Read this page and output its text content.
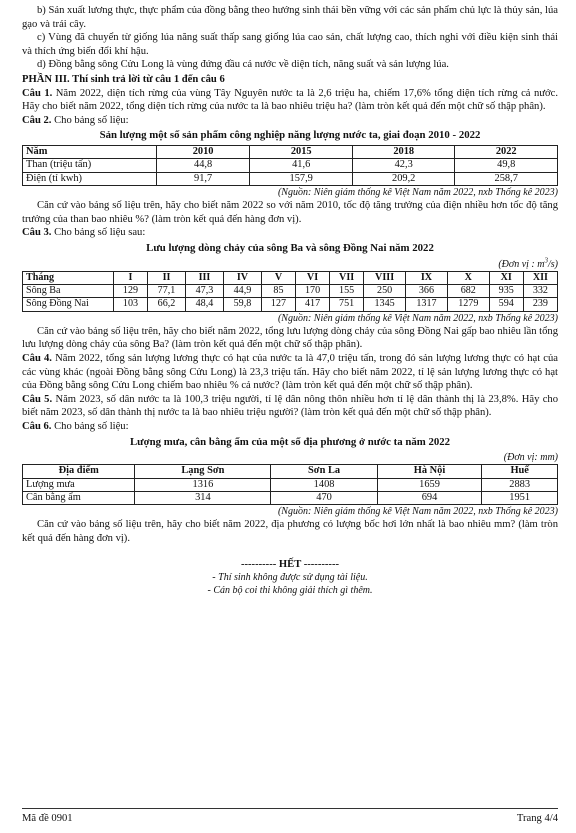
b) Sản xuất lương thực, thực phẩm của đồng bằng theo hướng sinh thái bền vững với các sản phẩm chủ lực là thủy sản, lúa gạo và trái cây.

c) Vùng đã chuyển từ giống lúa năng suất thấp sang giống lúa cao sản, chất lượng cao, thích nghi với điều kiện sinh thái và thích ứng biến đổi khí hậu.

d) Đồng bằng sông Cửu Long là vùng đứng đầu cả nước về diện tích, năng suất và sản lượng lúa.

PHẦN III. Thí sinh trả lời từ câu 1 đến câu 6

Câu 1. Năm 2022, diện tích rừng của vùng Tây Nguyên nước ta là 2,6 triệu ha, chiếm 17,6% tổng diện tích rừng cả nước. Hãy cho biết năm 2022, tổng diện tích rừng của nước ta là bao nhiêu triệu ha? (làm tròn kết quả đến một chữ số thập phân).

Câu 2. Cho bảng số liệu:

Sản lượng một số sản phẩm công nghiệp năng lượng nước ta, giai đoạn 2010 - 2022
Năm	2010	2015	2018	2022
Than (triệu tấn)	44,8	41,6	42,3	49,8
Điện (tỉ kwh)	91,7	157,9	209,2	258,7
(Nguồn: Niên giám thống kê Việt Nam năm 2022, nxb Thống kê 2023)

Căn cứ vào bảng số liệu trên, hãy cho biết năm 2022 so với năm 2010, tốc độ tăng trưởng của điện nhiều hơn tốc độ tăng trưởng của than bao nhiêu %? (làm tròn kết quả đến hàng đơn vị).

Câu 3. Cho bảng số liệu sau:

Lưu lượng dòng chảy của sông Ba và sông Đồng Nai năm 2022
(Đơn vị : $m^3/s$)
Tháng	I	II	III	IV	V	VI	VII	VIII	IX	X	XI	XII
Sông Ba	129	77,1	47,3	44,9	85	170	155	250	366	682	935	332
Sông Đồng Nai	103	66,2	48,4	59,8	127	417	751	1345	1317	1279	594	239
(Nguồn: Niên giám thống kê Việt Nam năm 2022, nxb Thống kê 2023)

Căn cứ vào bảng số liệu trên, hãy cho biết năm 2022, tổng lưu lượng dòng chảy của sông Đồng Nai gấp bao nhiêu lần tổng lưu lượng dòng chảy của sông Ba? (làm tròn kết quả đến một chữ số thập phân).

Câu 4. Năm 2022, tổng sản lượng lương thực có hạt của nước ta là 47,0 triệu tấn, trong đó sản lượng lương thực có hạt của các vùng khác (ngoài Đồng bằng sông Cửu Long) là 23,3 triệu tấn. Hãy cho biết năm 2022, tỉ lệ sản lượng lương thực có hạt của Đồng bằng sông Cửu Long chiếm bao nhiêu % cả nước? (làm tròn kết quả đến một chữ số thập phân).

Câu 5. Năm 2023, số dân nước ta là 100,3 triệu người, tỉ lệ dân nông thôn nhiều hơn tỉ lệ dân thành thị là 23,8%. Hãy cho biết năm 2023, số dân thành thị nước ta là bao nhiêu triệu người? (làm tròn kết quả đến một chữ số thập phân).

Câu 6. Cho bảng số liệu:

Lượng mưa, cân bằng ẩm của một số địa phương ở nước ta năm 2022
(Đơn vị: mm)
Địa điểm	Lạng Sơn	Sơn La	Hà Nội	Huế
Lượng mưa	1316	1408	1659	2883
Cân bằng ẩm	314	470	694	1951
(Nguồn: Niên giám thống kê Việt Nam năm 2022, nxb Thống kê 2023)

Căn cứ vào bảng số liệu trên, hãy cho biết năm 2022, địa phương có lượng bốc hơi lớn nhất là bao nhiêu mm? (làm tròn kết quả đến hàng đơn vị).

---------- HẾT ----------
- Thí sinh không được sử dụng tài liệu.
- Cán bộ coi thi không giải thích gì thêm.
Mã đề 0901	Trang 4/4
